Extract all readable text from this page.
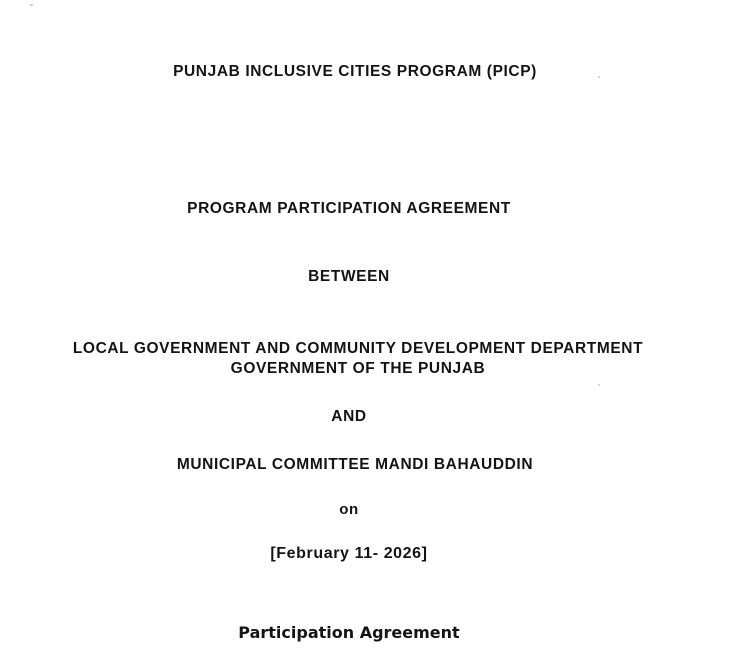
PUNJAB INCLUSIVE CITIES PROGRAM (PICP)
PROGRAM PARTICIPATION AGREEMENT
BETWEEN
LOCAL GOVERNMENT AND COMMUNITY DEVELOPMENT DEPARTMENT
GOVERNMENT OF THE PUNJAB
AND
MUNICIPAL COMMITTEE MANDI BAHAUDDIN
on
[February 11- 2026]
Participation Agreement
